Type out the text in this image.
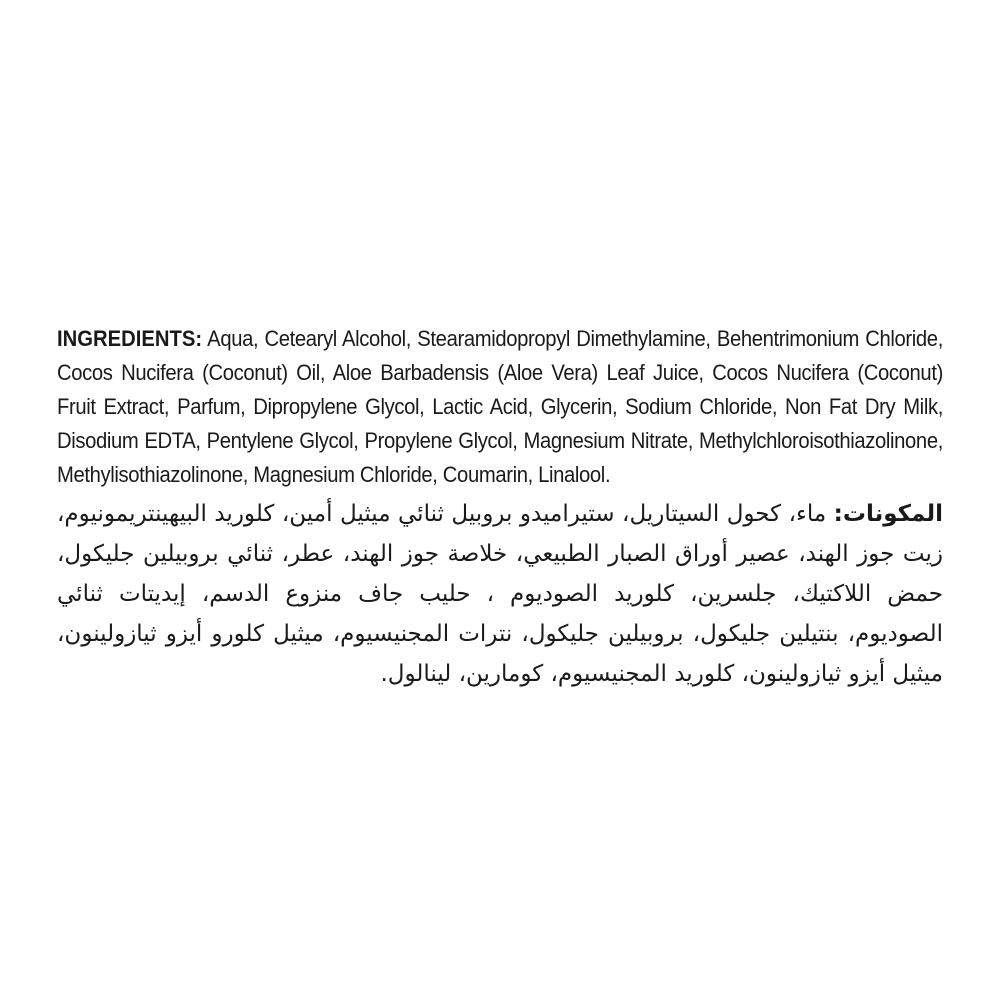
INGREDIENTS: Aqua, Cetearyl Alcohol, Stearamidopropyl Dimethylamine, Behentrimonium Chloride, Cocos Nucifera (Coconut) Oil, Aloe Barbadensis (Aloe Vera) Leaf Juice, Cocos Nucifera (Coconut) Fruit Extract, Parfum, Dipropylene Glycol, Lactic Acid, Glycerin, Sodium Chloride, Non Fat Dry Milk, Disodium EDTA, Pentylene Glycol, Propylene Glycol, Magnesium Nitrate, Methylchloroisothiazolinone, Methylisothiazolinone, Magnesium Chloride, Coumarin, Linalool.

المكونات: ماء، كحول السيتاريل، ستيراميدو بروبيل ثنائي ميثيل أمين، كلوريد البيهينتريمونيوم، زيت جوز الهند، عصير أوراق الصبار الطبيعي، خلاصة جوز الهند، عطر، ثنائي بروبيلين جليكول، حمض اللاكتيك، جلسرين، كلوريد الصوديوم ، حليب جاف منزوع الدسم، إيديتات ثنائي الصوديوم، بنتيلين جليكول، بروبيلين جليكول، نترات المجنيسيوم، ميثيل كلورو أيزو ثيازولينون، ميثيل أيزو ثيازولينون، كلوريد المجنيسيوم، كومارين، لينالول.
